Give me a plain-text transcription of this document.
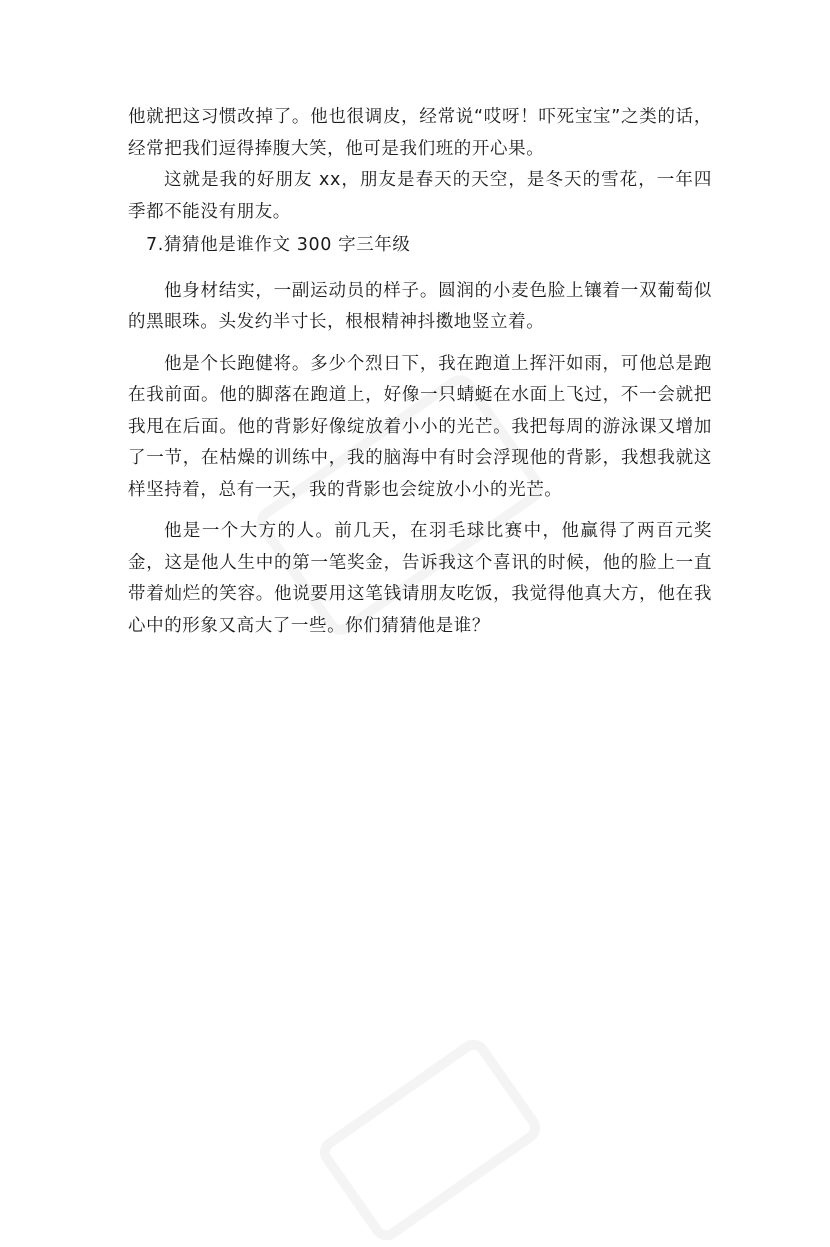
他就把这习惯改掉了。他也很调皮，经常说“哎呀！吓死宝宝”之类的话，经常把我们逗得捧腹大笑，他可是我们班的开心果。

这就是我的好朋友 xx，朋友是春天的天空，是冬天的雪花，一年四季都不能没有朋友。

7.猜猜他是谁作文 300 字三年级

他身材结实，一副运动员的样子。圆润的小麦色脸上镶着一双葡萄似的黑眼珠。头发约半寸长，根根精神抖擞地竖立着。

他是个长跑健将。多少个烈日下，我在跑道上挥汗如雨，可他总是跑在我前面。他的脚落在跑道上，好像一只蜻蜓在水面上飞过，不一会就把我甩在后面。他的背影好像绽放着小小的光芒。我把每周的游泳课又增加了一节，在枯燥的训练中，我的脑海中有时会浮现他的背影，我想我就这样坚持着，总有一天，我的背影也会绽放小小的光芒。

他是一个大方的人。前几天，在羽毛球比赛中，他赢得了两百元奖金，这是他人生中的第一笔奖金，告诉我这个喜讯的时候，他的脸上一直带着灿烂的笑容。他说要用这笔钱请朋友吃饭，我觉得他真大方，他在我心中的形象又高大了一些。你们猜猜他是谁？
